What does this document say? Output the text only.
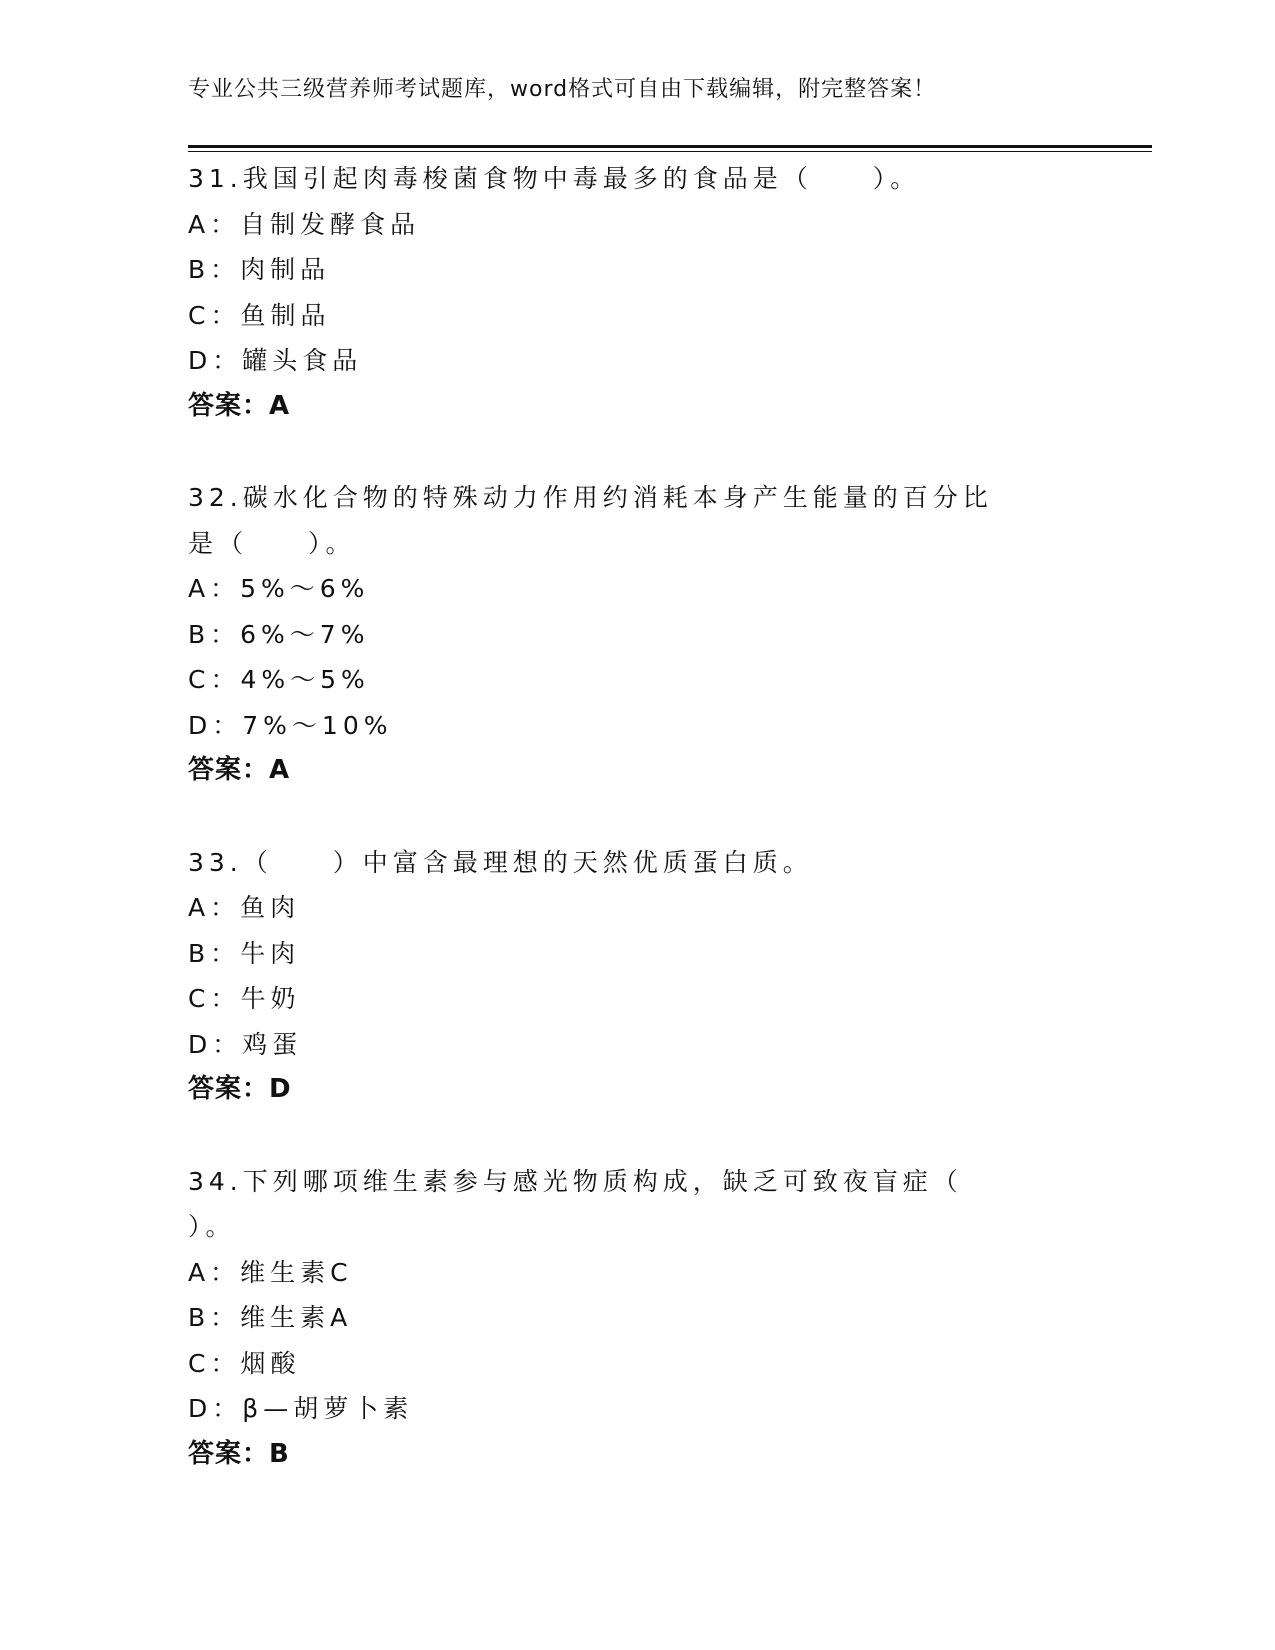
专业公共三级营养师考试题库，word格式可自由下载编辑，附完整答案！
31.我国引起肉毒梭菌食物中毒最多的食品是（　　）。
A：自制发酵食品
B：肉制品
C：鱼制品
D：罐头食品
答案：A
32.碳水化合物的特殊动力作用约消耗本身产生能量的百分比是（　　）。
A：5%～6%
B：6%～7%
C：4%～5%
D：7%～10%
答案：A
33.（　　）中富含最理想的天然优质蛋白质。
A：鱼肉
B：牛肉
C：牛奶
D：鸡蛋
答案：D
34.下列哪项维生素参与感光物质构成，缺乏可致夜盲症（　　）。
A：维生素C
B：维生素A
C：烟酸
D：β—胡萝卜素
答案：B
